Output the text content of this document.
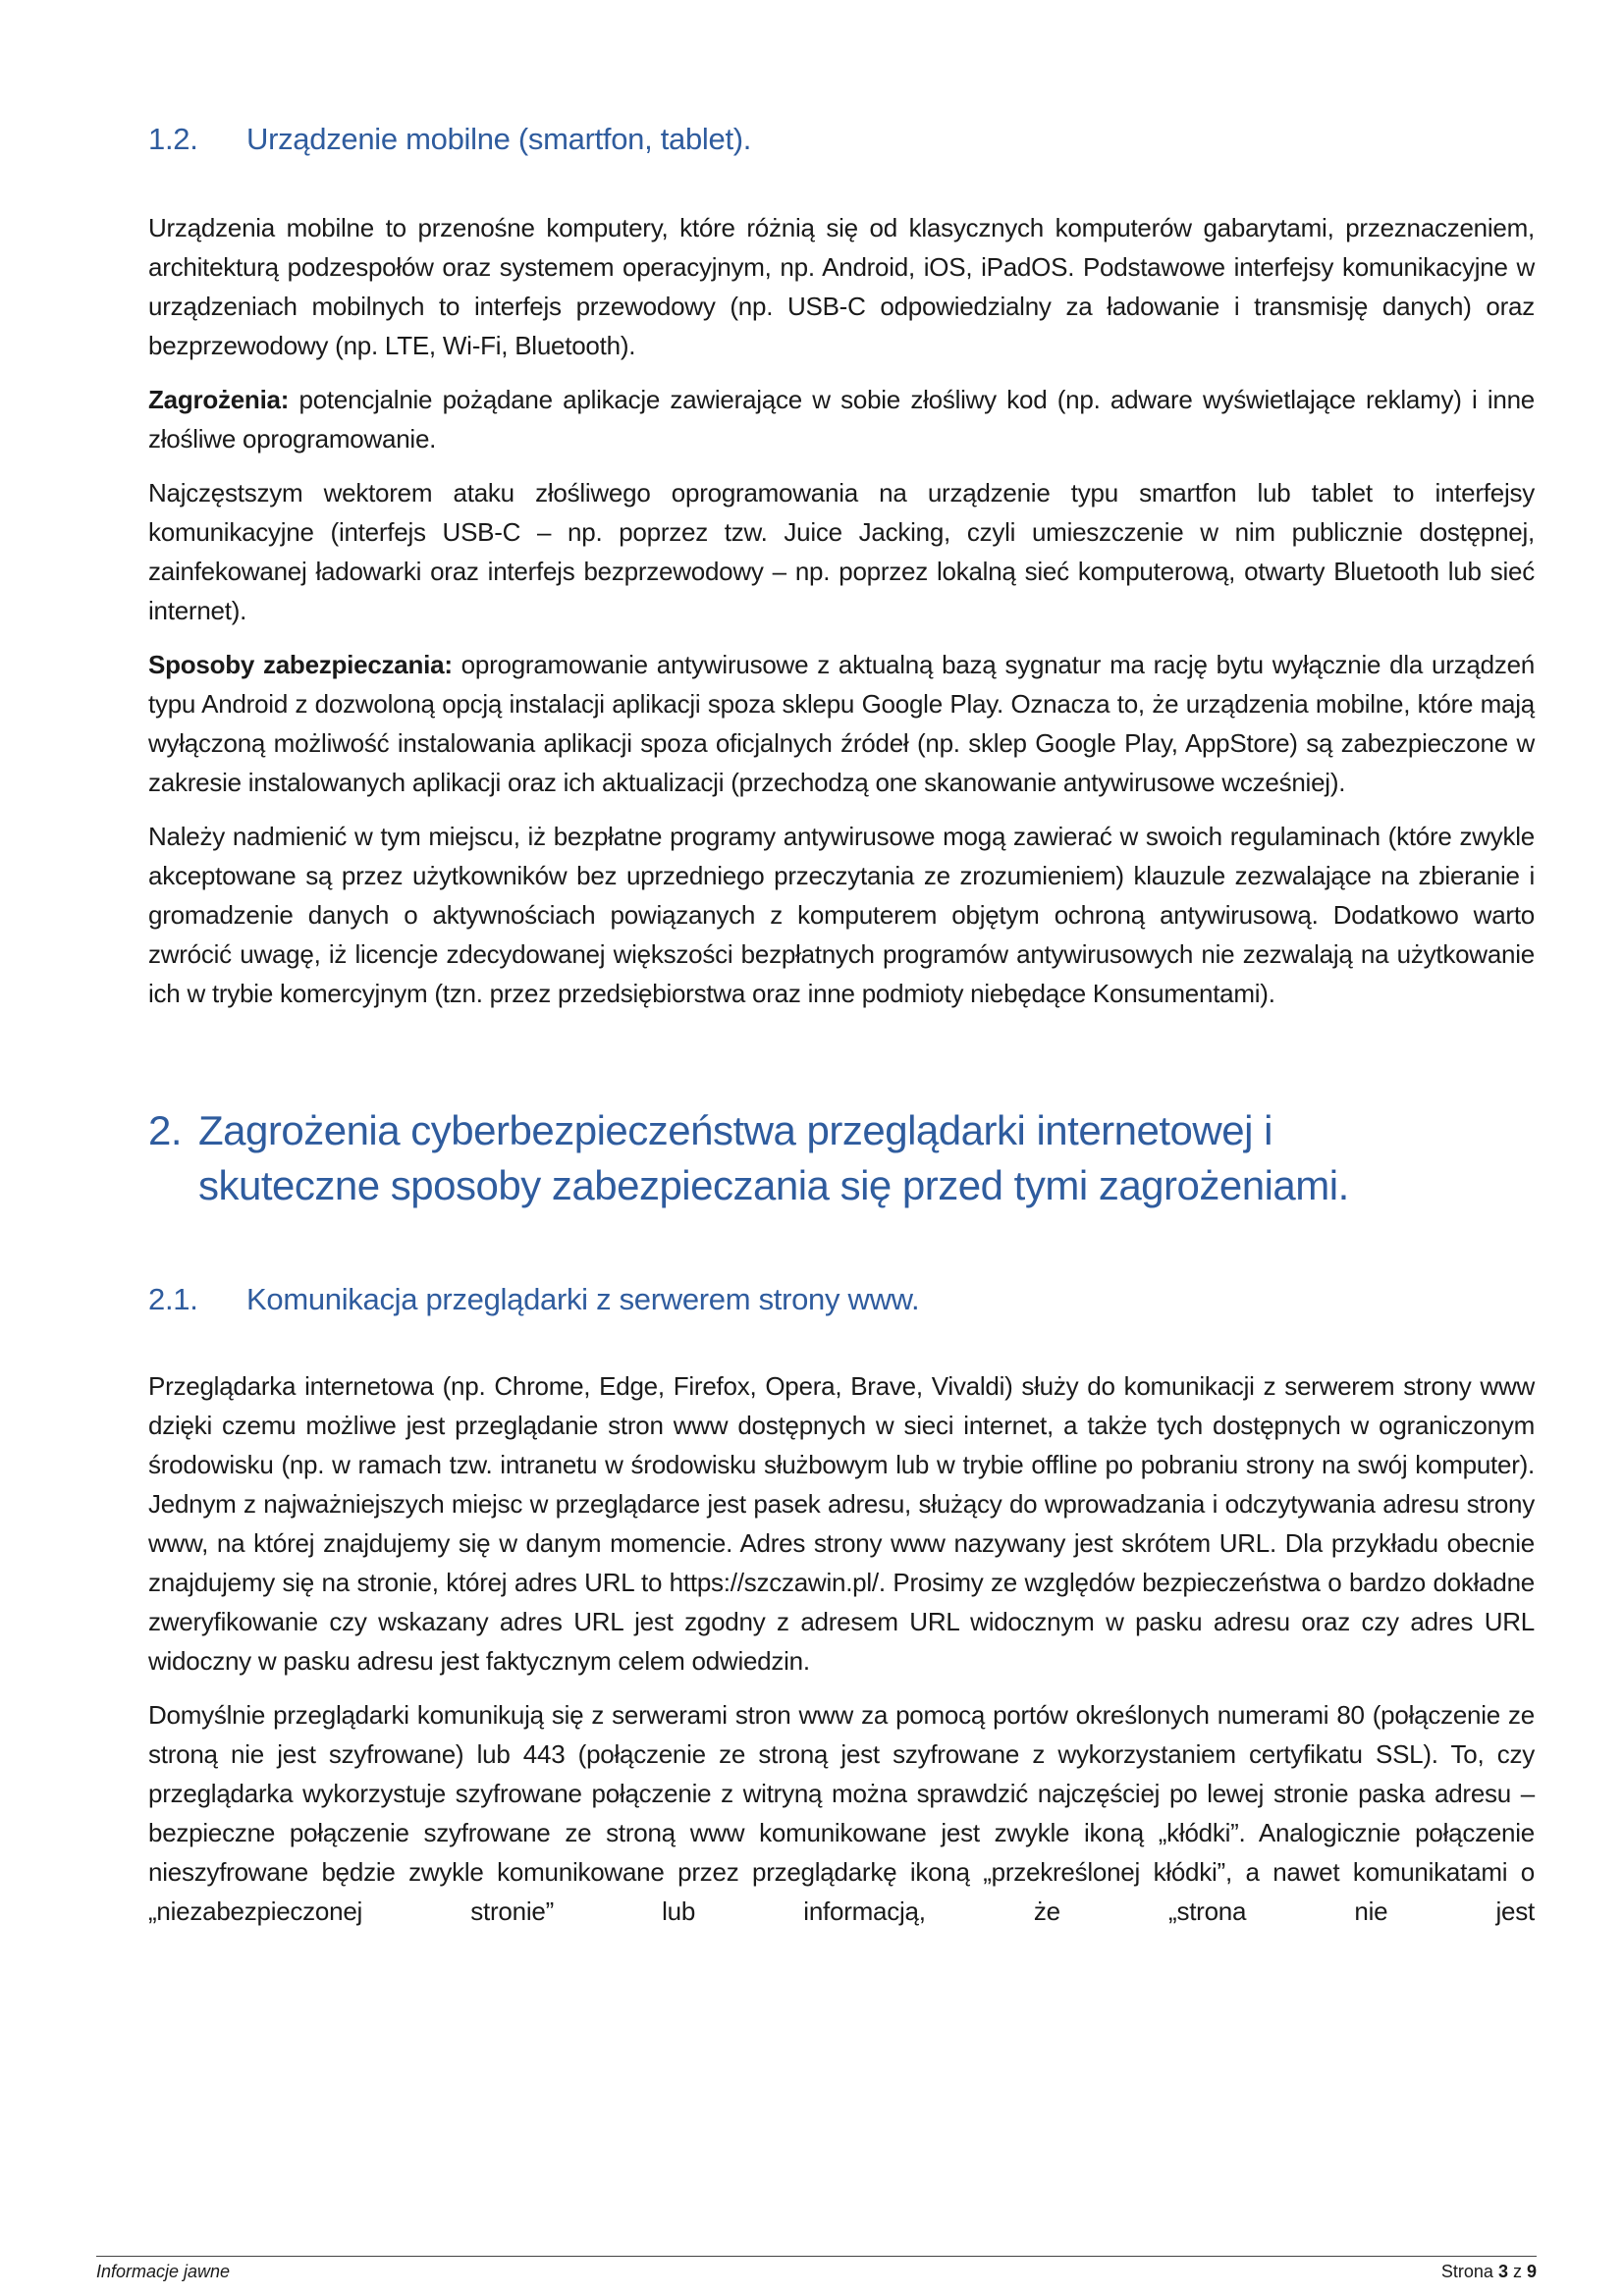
1.2.	Urządzenie mobilne (smartfon, tablet).

Urządzenia mobilne to przenośne komputery, które różnią się od klasycznych komputerów gabarytami, przeznaczeniem, architekturą podzespołów oraz systemem operacyjnym, np. Android, iOS, iPadOS. Podstawowe interfejsy komunikacyjne w urządzeniach mobilnych to interfejs przewodowy (np. USB-C odpowiedzialny za ładowanie i transmisję danych) oraz bezprzewodowy (np. LTE, Wi-Fi, Bluetooth).

Zagrożenia: potencjalnie pożądane aplikacje zawierające w sobie złośliwy kod (np. adware wyświetlające reklamy) i inne złośliwe oprogramowanie.

Najczęstszym wektorem ataku złośliwego oprogramowania na urządzenie typu smartfon lub tablet to interfejsy komunikacyjne (interfejs USB-C – np. poprzez tzw. Juice Jacking, czyli umieszczenie w nim publicznie dostępnej, zainfekowanej ładowarki oraz interfejs bezprzewodowy – np. poprzez lokalną sieć komputerową, otwarty Bluetooth lub sieć internet).

Sposoby zabezpieczania: oprogramowanie antywirusowe z aktualną bazą sygnatur ma rację bytu wyłącznie dla urządzeń typu Android z dozwoloną opcją instalacji aplikacji spoza sklepu Google Play. Oznacza to, że urządzenia mobilne, które mają wyłączoną możliwość instalowania aplikacji spoza oficjalnych źródeł (np. sklep Google Play, AppStore) są zabezpieczone w zakresie instalowanych aplikacji oraz ich aktualizacji (przechodzą one skanowanie antywirusowe wcześniej).

Należy nadmienić w tym miejscu, iż bezpłatne programy antywirusowe mogą zawierać w swoich regulaminach (które zwykle akceptowane są przez użytkowników bez uprzedniego przeczytania ze zrozumieniem) klauzule zezwalające na zbieranie i gromadzenie danych o aktywnościach powiązanych z komputerem objętym ochroną antywirusową. Dodatkowo warto zwrócić uwagę, iż licencje zdecydowanej większości bezpłatnych programów antywirusowych nie zezwalają na użytkowanie ich w trybie komercyjnym (tzn. przez przedsiębiorstwa oraz inne podmioty niebędące Konsumentami).

2. Zagrożenia cyberbezpieczeństwa przeglądarki internetowej i skuteczne sposoby zabezpieczania się przed tymi zagrożeniami.
2.1.	Komunikacja przeglądarki z serwerem strony www.

Przeglądarka internetowa (np. Chrome, Edge, Firefox, Opera, Brave, Vivaldi) służy do komunikacji z serwerem strony www dzięki czemu możliwe jest przeglądanie stron www dostępnych w sieci internet, a także tych dostępnych w ograniczonym środowisku (np. w ramach tzw. intranetu w środowisku służbowym lub w trybie offline po pobraniu strony na swój komputer). Jednym z najważniejszych miejsc w przeglądarce jest pasek adresu, służący do wprowadzania i odczytywania adresu strony www, na której znajdujemy się w danym momencie. Adres strony www nazywany jest skrótem URL. Dla przykładu obecnie znajdujemy się na stronie, której adres URL to https://szczawin.pl/. Prosimy ze względów bezpieczeństwa o bardzo dokładne zweryfikowanie czy wskazany adres URL jest zgodny z adresem URL widocznym w pasku adresu oraz czy adres URL widoczny w pasku adresu jest faktycznym celem odwiedzin.

Domyślnie przeglądarki komunikują się z serwerami stron www za pomocą portów określonych numerami 80 (połączenie ze stroną nie jest szyfrowane) lub 443 (połączenie ze stroną jest szyfrowane z wykorzystaniem certyfikatu SSL). To, czy przeglądarka wykorzystuje szyfrowane połączenie z witryną można sprawdzić najczęściej po lewej stronie paska adresu – bezpieczne połączenie szyfrowane ze stroną www komunikowane jest zwykle ikoną „kłódki”. Analogicznie połączenie nieszyfrowane będzie zwykle komunikowane przez przeglądarkę ikoną „przekreślonej kłódki”, a nawet komunikatami o „niezabezpieczonej stronie” lub informacją, że „strona nie jest

Informacje jawne	Strona 3 z 9
